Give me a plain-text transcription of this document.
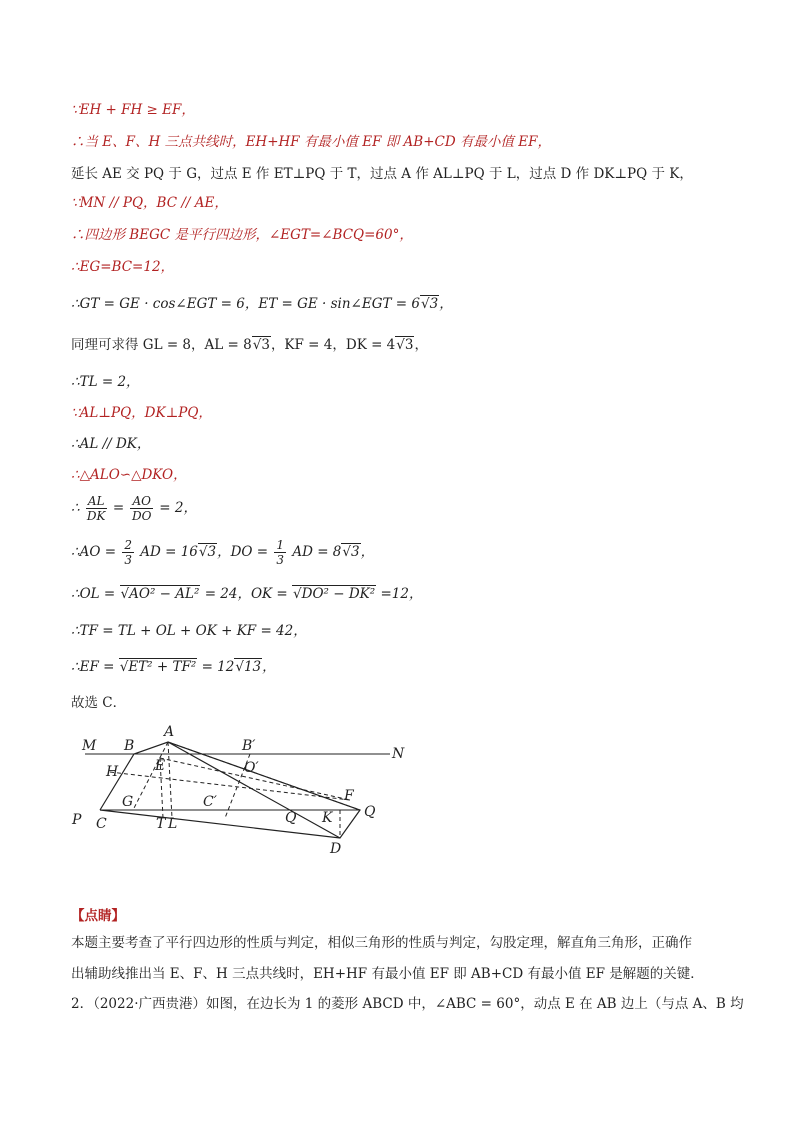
∵EH + FH ≥ EF，
∴当 E、F、H 三点共线时，EH+HF 有最小值 EF 即 AB+CD 有最小值 EF，
延长 AE 交 PQ 于 G，过点 E 作 ET⊥PQ 于 T，过点 A 作 AL⊥PQ 于 L，过点 D 作 DK⊥PQ 于 K，
∵MN // PQ，BC // AE，
∴四边形 BEGC 是平行四边形，∠EGT=∠BCQ=60°，
∴EG=BC=12，
∴GT = GE · cos∠EGT = 6，ET = GE · sin∠EGT = 6√3，
同理可求得 GL = 8，AL = 8√3，KF = 4，DK = 4√3，
∴TL = 2，
∵AL⊥PQ，DK⊥PQ，
∴AL // DK，
∴△ALO∽△DKO，
∴ $\frac{AL}{DK} = \frac{AO}{DO} = 2$，
∴AO = $\frac{2}{3}$ AD = 16√3，DO = $\frac{1}{3}$ AD = 8√3，
∴OL = √AO² − AL² = 24，OK = √DO² − DK² =12，
∴TF = TL + OL + OK + KF = 42，
∴EF = √ET² + TF² = 12√13，
故选 C．
M B
A
B′	N
H	E	O′
F
G	C′
Q K Q
P C	T L
D
【点睛】
本题主要考查了平行四边形的性质与判定，相似三角形的性质与判定，勾股定理，解直角三角形，正确作
出辅助线推出当 E、F、H 三点共线时，EH+HF 有最小值 EF 即 AB+CD 有最小值 EF 是解题的关键．
2．（2022·广西贵港）如图，在边长为 1 的菱形 ABCD 中，∠ABC = 60°，动点 E 在 AB 边上（与点 A、B 均
